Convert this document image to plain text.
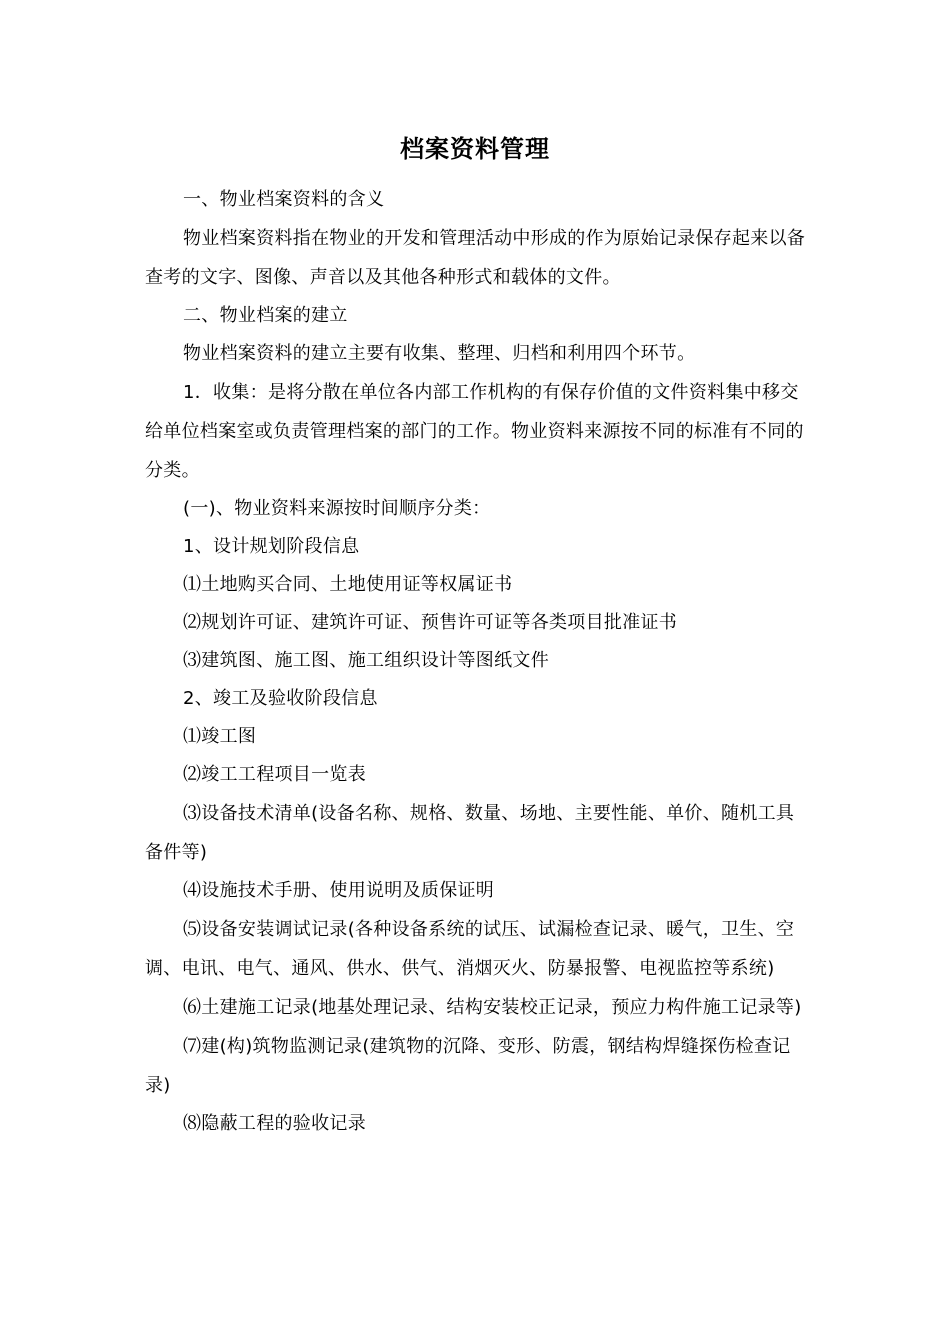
档案资料管理

一、物业档案资料的含义

物业档案资料指在物业的开发和管理活动中形成的作为原始记录保存起来以备查考的文字、图像、声音以及其他各种形式和载体的文件。

二、物业档案的建立

物业档案资料的建立主要有收集、整理、归档和利用四个环节。

1．收集：是将分散在单位各内部工作机构的有保存价值的文件资料集中移交给单位档案室或负责管理档案的部门的工作。物业资料来源按不同的标准有不同的分类。

(一)、物业资料来源按时间顺序分类：

1、设计规划阶段信息

⑴土地购买合同、土地使用证等权属证书

⑵规划许可证、建筑许可证、预售许可证等各类项目批准证书

⑶建筑图、施工图、施工组织设计等图纸文件

2、竣工及验收阶段信息

⑴竣工图

⑵竣工工程项目一览表

⑶设备技术清单(设备名称、规格、数量、场地、主要性能、单价、随机工具备件等)

⑷设施技术手册、使用说明及质保证明

⑸设备安装调试记录(各种设备系统的试压、试漏检查记录、暖气，卫生、空调、电讯、电气、通风、供水、供气、消烟灭火、防暴报警、电视监控等系统)

⑹土建施工记录(地基处理记录、结构安装校正记录，预应力构件施工记录等)

⑺建(构)筑物监测记录(建筑物的沉降、变形、防震，钢结构焊缝探伤检查记录)

⑻隐蔽工程的验收记录
